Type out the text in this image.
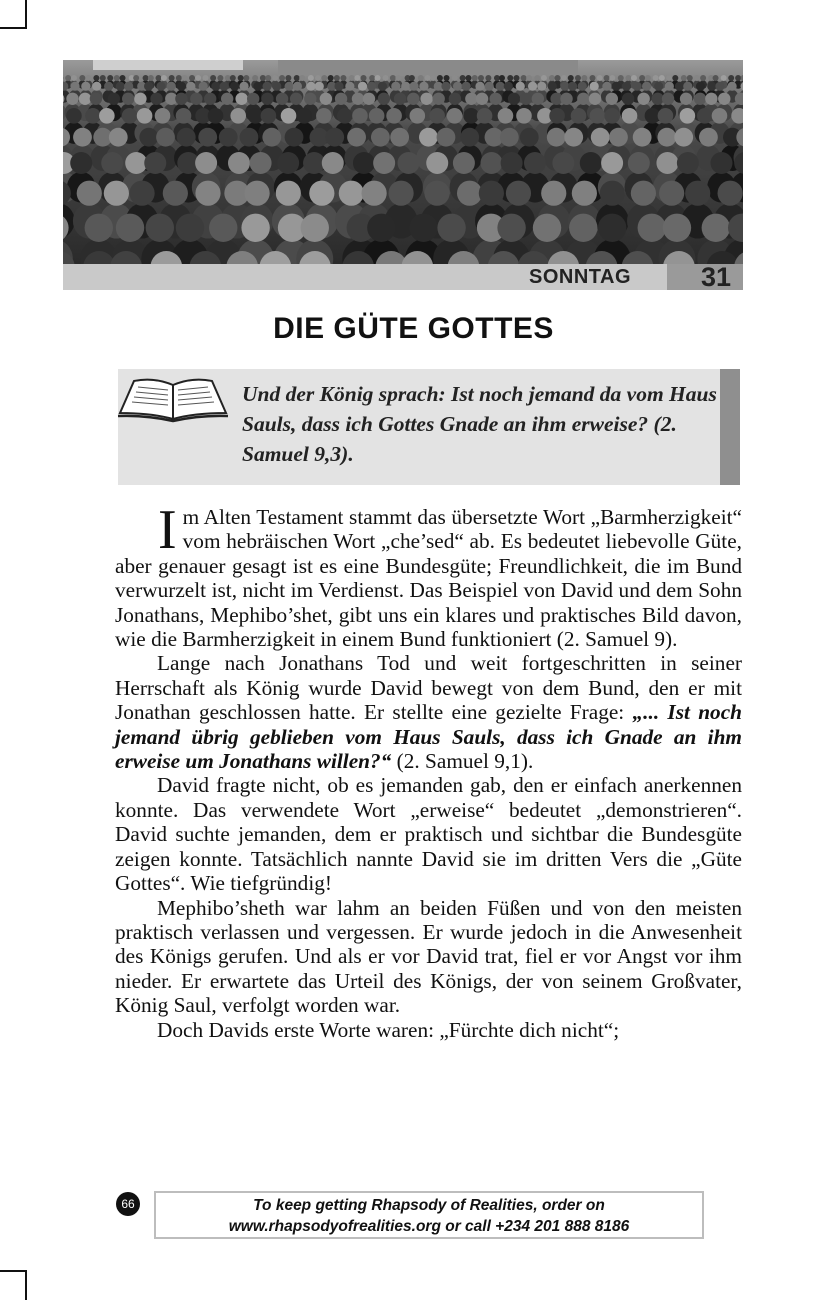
SONNTAG	31
DIE GÜTE GOTTES
Und der König sprach: Ist noch jemand da vom Haus Sauls, dass ich Gottes Gnade an ihm erweise? (2. Samuel 9,3).

Im Alten Testament stammt das übersetzte Wort „Barmherzigkeit“ vom hebräischen Wort „che’sed“ ab. Es bedeutet liebevolle Güte, aber genauer gesagt ist es eine Bundesgüte; Freundlichkeit, die im Bund verwurzelt ist, nicht im Verdienst. Das Beispiel von David und dem Sohn Jonathans, Mephibo’shet, gibt uns ein klares und praktisches Bild davon, wie die Barmherzigkeit in einem Bund funktioniert (2. Samuel 9).

Lange nach Jonathans Tod und weit fortgeschritten in seiner Herrschaft als König wurde David bewegt von dem Bund, den er mit Jonathan geschlossen hatte. Er stellte eine gezielte Frage: „... Ist noch jemand übrig geblieben vom Haus Sauls, dass ich Gnade an ihm erweise um Jonathans willen?“ (2. Samuel 9,1).

David fragte nicht, ob es jemanden gab, den er einfach anerkennen konnte. Das verwendete Wort „erweise“ bedeutet „demonstrieren“. David suchte jemanden, dem er praktisch und sichtbar die Bundesgüte zeigen konnte. Tatsächlich nannte David sie im dritten Vers die „Güte Gottes“. Wie tiefgründig!

Mephibo’sheth war lahm an beiden Füßen und von den meisten praktisch verlassen und vergessen. Er wurde jedoch in die Anwesenheit des Königs gerufen. Und als er vor David trat, fiel er vor Angst vor ihm nieder. Er erwartete das Urteil des Königs, der von seinem Großvater, König Saul, verfolgt worden war.

Doch Davids erste Worte waren: „Fürchte dich nicht“;

66	To keep getting Rhapsody of Realities, order on
www.rhapsodyofrealities.org or call +234 201 888 8186
